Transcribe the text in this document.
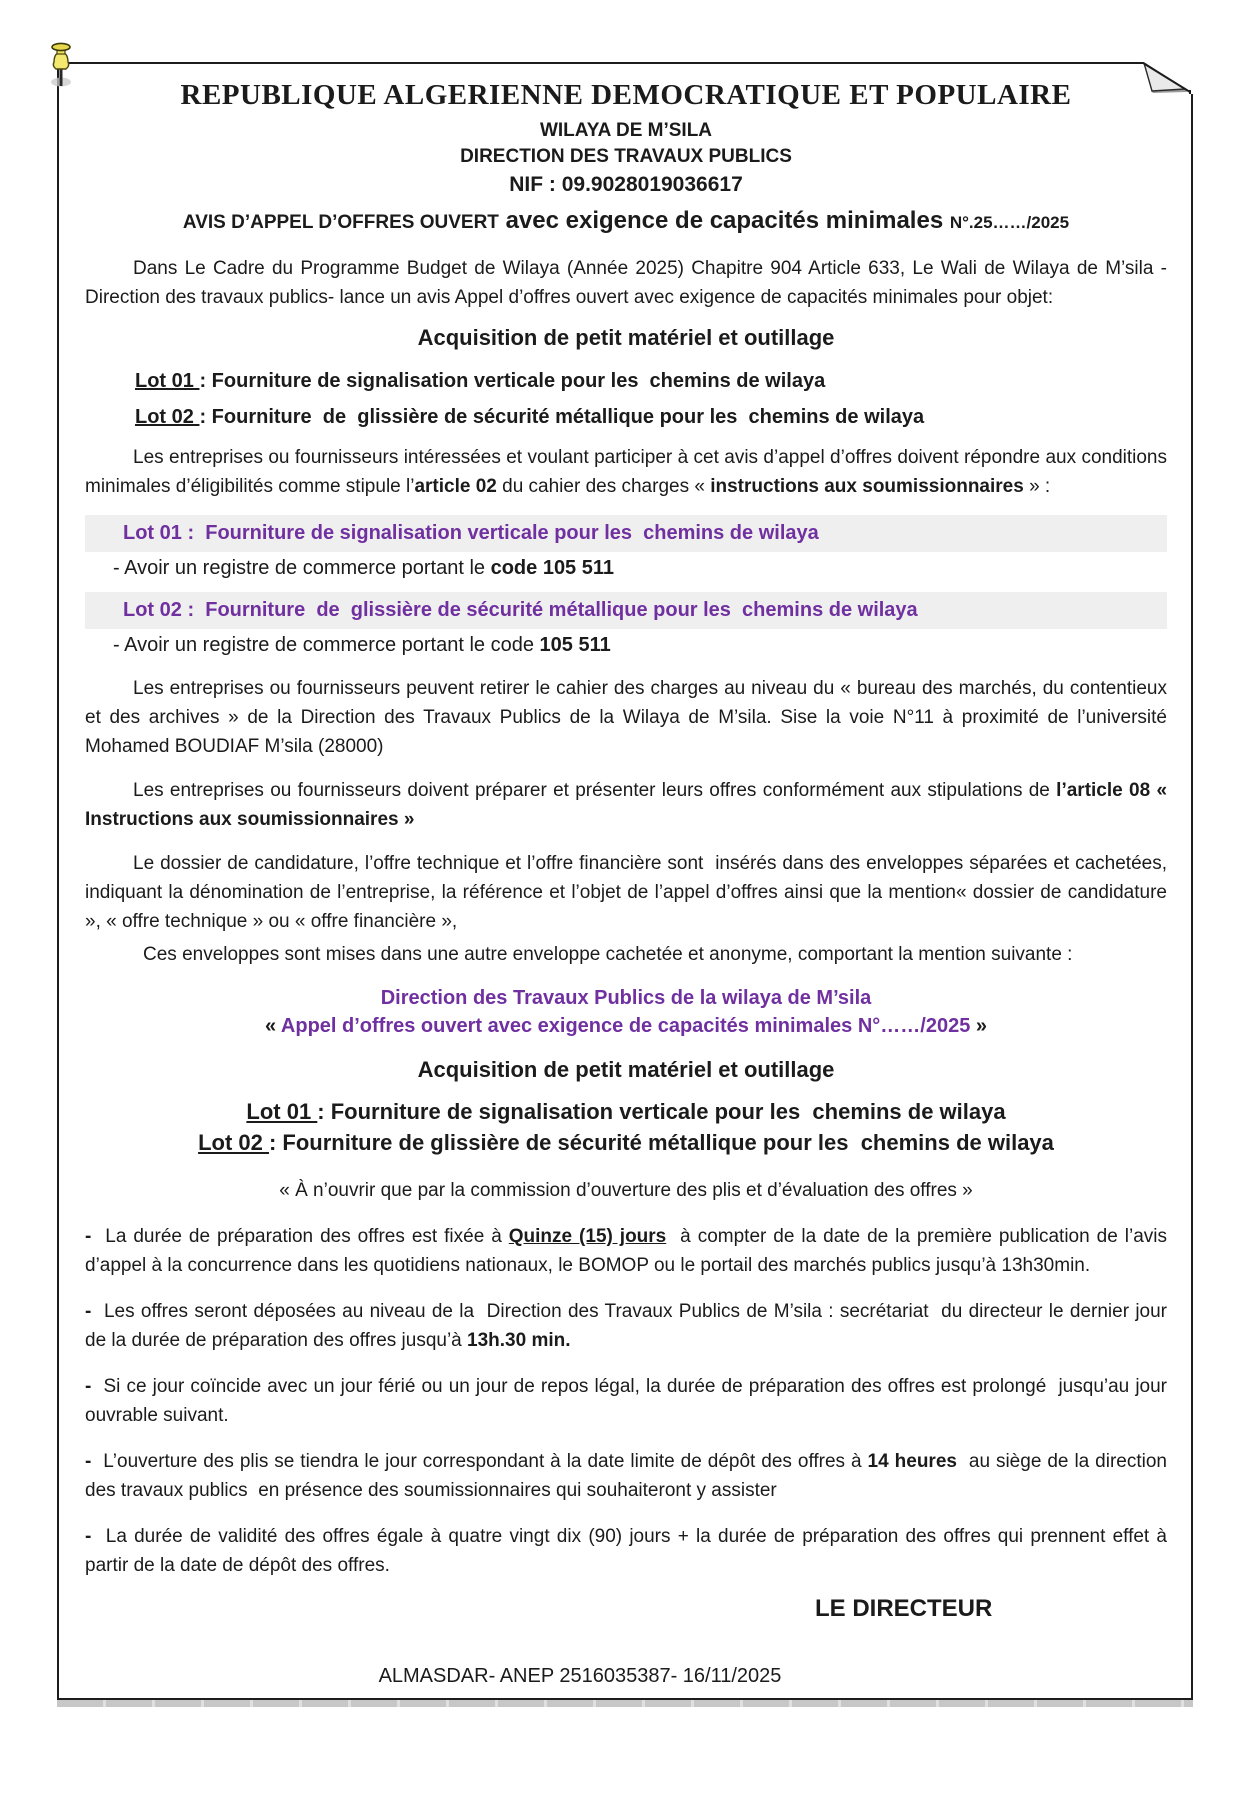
REPUBLIQUE ALGERIENNE DEMOCRATIQUE ET POPULAIRE
WILAYA DE M’SILA
DIRECTION DES TRAVAUX PUBLICS
NIF : 09.9028019036617
AVIS D’APPEL D’OFFRES OUVERT avec exigence de capacités minimales N°.25……/2025

Dans Le Cadre du Programme Budget de Wilaya (Année 2025) Chapitre 904 Article 633, Le Wali de Wilaya de M’sila -Direction des travaux publics- lance un avis Appel d’offres ouvert avec exigence de capacités minimales pour objet:

Acquisition de petit matériel et outillage
Lot 01 : Fourniture de signalisation verticale pour les  chemins de wilaya
Lot 02 : Fourniture  de  glissière de sécurité métallique pour les  chemins de wilaya

Les entreprises ou fournisseurs intéressées et voulant participer à cet avis d’appel d’offres doivent répondre aux conditions minimales d’éligibilités comme stipule l’article 02 du cahier des charges « instructions aux soumissionnaires » :

Lot 01 :  Fourniture de signalisation verticale pour les  chemins de wilaya
- Avoir un registre de commerce portant le code 105 511
Lot 02 :  Fourniture  de  glissière de sécurité métallique pour les  chemins de wilaya
- Avoir un registre de commerce portant le code 105 511

Les entreprises ou fournisseurs peuvent retirer le cahier des charges au niveau du « bureau des marchés, du contentieux et des archives » de la Direction des Travaux Publics de la Wilaya de M’sila. Sise la voie N°11 à proximité de l’université Mohamed BOUDIAF M’sila (28000)

Les entreprises ou fournisseurs doivent préparer et présenter leurs offres conformément aux stipulations de l’article 08 « Instructions aux soumissionnaires »

Le dossier de candidature, l’offre technique et l’offre financière sont  insérés dans des enveloppes séparées et cachetées, indiquant la dénomination de l’entreprise, la référence et l’objet de l’appel d’offres ainsi que la mention« dossier de candidature », « offre technique » ou « offre financière »,

Ces enveloppes sont mises dans une autre enveloppe cachetée et anonyme, comportant la mention suivante :

Direction des Travaux Publics de la wilaya de M’sila
« Appel d’offres ouvert avec exigence de capacités minimales N°……/2025 »
Acquisition de petit matériel et outillage
Lot 01 : Fourniture de signalisation verticale pour les  chemins de wilaya
Lot 02 : Fourniture de glissière de sécurité métallique pour les  chemins de wilaya
« À n’ouvrir que par la commission d’ouverture des plis et d’évaluation des offres »

-  La durée de préparation des offres est fixée à Quinze (15) jours  à compter de la date de la première publication de l’avis d’appel à la concurrence dans les quotidiens nationaux, le BOMOP ou le portail des marchés publics jusqu’à 13h30min.

-  Les offres seront déposées au niveau de la  Direction des Travaux Publics de M’sila : secrétariat  du directeur le dernier jour de la durée de préparation des offres jusqu’à 13h.30 min.

-  Si ce jour coïncide avec un jour férié ou un jour de repos légal, la durée de préparation des offres est prolongé  jusqu’au jour ouvrable suivant.

-  L’ouverture des plis se tiendra le jour correspondant à la date limite de dépôt des offres à 14 heures  au siège de la direction des travaux publics  en présence des soumissionnaires qui souhaiteront y assister

-  La durée de validité des offres égale à quatre vingt dix (90) jours + la durée de préparation des offres qui prennent effet à partir de la date de dépôt des offres.

LE DIRECTEUR
ALMASDAR- ANEP 2516035387- 16/11/2025
